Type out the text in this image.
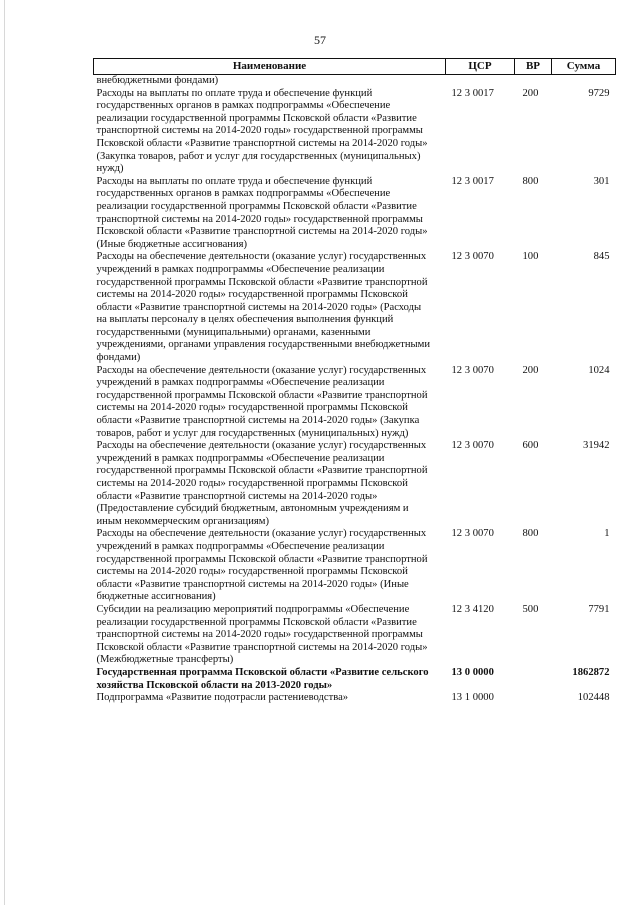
57
Наименование	ЦСР	ВР	Сумма
внебюджетными фондами)			
Расходы на выплаты по оплате труда и обеспечение функций государственных органов в рамках подпрограммы «Обеспечение реализации государственной программы Псковской области «Развитие транспортной системы на 2014-2020 годы» государственной программы Псковской области «Развитие транспортной системы на 2014-2020 годы» (Закупка товаров, работ и услуг для государственных (муниципальных) нужд)	12 3 0017	200	9729
Расходы на выплаты по оплате труда и обеспечение функций государственных органов в рамках подпрограммы «Обеспечение реализации государственной программы Псковской области «Развитие транспортной системы на 2014-2020 годы» государственной программы Псковской области «Развитие транспортной системы на 2014-2020 годы» (Иные бюджетные ассигнования)	12 3 0017	800	301
Расходы на обеспечение деятельности (оказание услуг) государственных учреждений в рамках подпрограммы «Обеспечение реализации государственной программы Псковской области «Развитие транспортной системы на 2014-2020 годы» государственной программы Псковской области «Развитие транспортной системы на 2014-2020 годы» (Расходы на выплаты персоналу в целях обеспечения выполнения функций государственными (муниципальными) органами, казенными учреждениями, органами управления государственными внебюджетными фондами)	12 3 0070	100	845
Расходы на обеспечение деятельности (оказание услуг) государственных учреждений в рамках подпрограммы «Обеспечение реализации государственной программы Псковской области «Развитие транспортной системы на 2014-2020 годы» государственной программы Псковской области «Развитие транспортной системы на 2014-2020 годы» (Закупка товаров, работ и услуг для государственных (муниципальных) нужд)	12 3 0070	200	1024
Расходы на обеспечение деятельности (оказание услуг) государственных учреждений в рамках подпрограммы «Обеспечение реализации государственной программы Псковской области «Развитие транспортной системы на 2014-2020 годы» государственной программы Псковской области «Развитие транспортной системы на 2014-2020 годы» (Предоставление субсидий бюджетным, автономным учреждениям и иным некоммерческим организациям)	12 3 0070	600	31942
Расходы на обеспечение деятельности (оказание услуг) государственных учреждений в рамках подпрограммы «Обеспечение реализации государственной программы Псковской области «Развитие транспортной системы на 2014-2020 годы» государственной программы Псковской области «Развитие транспортной системы на 2014-2020 годы» (Иные бюджетные ассигнования)	12 3 0070	800	1
Субсидии на реализацию мероприятий подпрограммы «Обеспечение реализации государственной программы Псковской области «Развитие транспортной системы на 2014-2020 годы» государственной программы Псковской области «Развитие транспортной системы на 2014-2020 годы» (Межбюджетные трансферты)	12 3 4120	500	7791
Государственная программа Псковской области «Развитие сельского хозяйства Псковской области на 2013-2020 годы»	13 0 0000		1862872
Подпрограмма «Развитие подотрасли растениеводства»	13 1 0000		102448
